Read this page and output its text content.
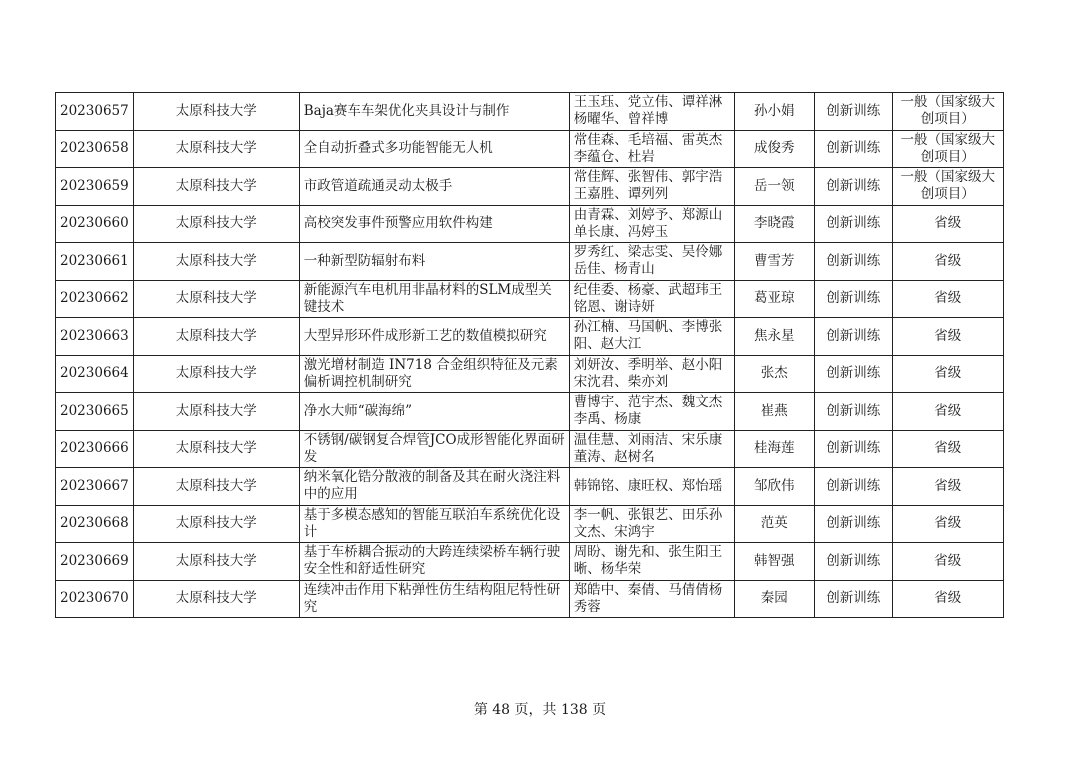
20230657	太原科技大学	Baja赛车车架优化夹具设计与制作	王玉珏、党立伟、谭祥淋杨曜华、曾祥博	孙小娟	创新训练	一般（国家级大创项目）
20230658	太原科技大学	全自动折叠式多功能智能无人机	常佳森、毛培福、雷英杰李蕴仓、杜岩	成俊秀	创新训练	一般（国家级大创项目）
20230659	太原科技大学	市政管道疏通灵动太极手	常佳辉、张智伟、郭宇浩王嘉胜、谭列列	岳一领	创新训练	一般（国家级大创项目）
20230660	太原科技大学	高校突发事件预警应用软件构建	由青霖、刘婷予、郑源山单长康、冯婷玉	李晓霞	创新训练	省级
20230661	太原科技大学	一种新型防辐射布料	罗秀红、梁志雯、吴伶娜岳佳、杨青山	曹雪芳	创新训练	省级
20230662	太原科技大学	新能源汽车电机用非晶材料的SLM成型关键技术	纪佳委、杨豪、武超玮王铭恩、谢诗妍	葛亚琼	创新训练	省级
20230663	太原科技大学	大型异形环件成形新工艺的数值模拟研究	孙江楠、马国帆、李博张阳、赵大江	焦永星	创新训练	省级
20230664	太原科技大学	激光增材制造 IN718 合金组织特征及元素偏析调控机制研究	刘妍汝、季明举、赵小阳宋沈君、柴亦刘	张杰	创新训练	省级
20230665	太原科技大学	净水大师“碳海绵”	曹博宇、范宇杰、魏文杰李禹、杨康	崔燕	创新训练	省级
20230666	太原科技大学	不锈钢/碳钢复合焊管JCO成形智能化界面研发	温佳慧、刘雨洁、宋乐康董涛、赵树名	桂海莲	创新训练	省级
20230667	太原科技大学	纳米氧化锆分散液的制备及其在耐火浇注料中的应用	韩锦铭、康旺权、郑怡瑶	邹欣伟	创新训练	省级
20230668	太原科技大学	基于多模态感知的智能互联泊车系统优化设计	李一帆、张银艺、田乐孙文杰、宋鸿宇	范英	创新训练	省级
20230669	太原科技大学	基于车桥耦合振动的大跨连续梁桥车辆行驶安全性和舒适性研究	周盼、谢先和、张生阳王晰、杨华荣	韩智强	创新训练	省级
20230670	太原科技大学	连续冲击作用下粘弹性仿生结构阻尼特性研究	郑皓中、秦倩、马倩倩杨秀蓉	秦园	创新训练	省级
第 48 页，共 138 页
